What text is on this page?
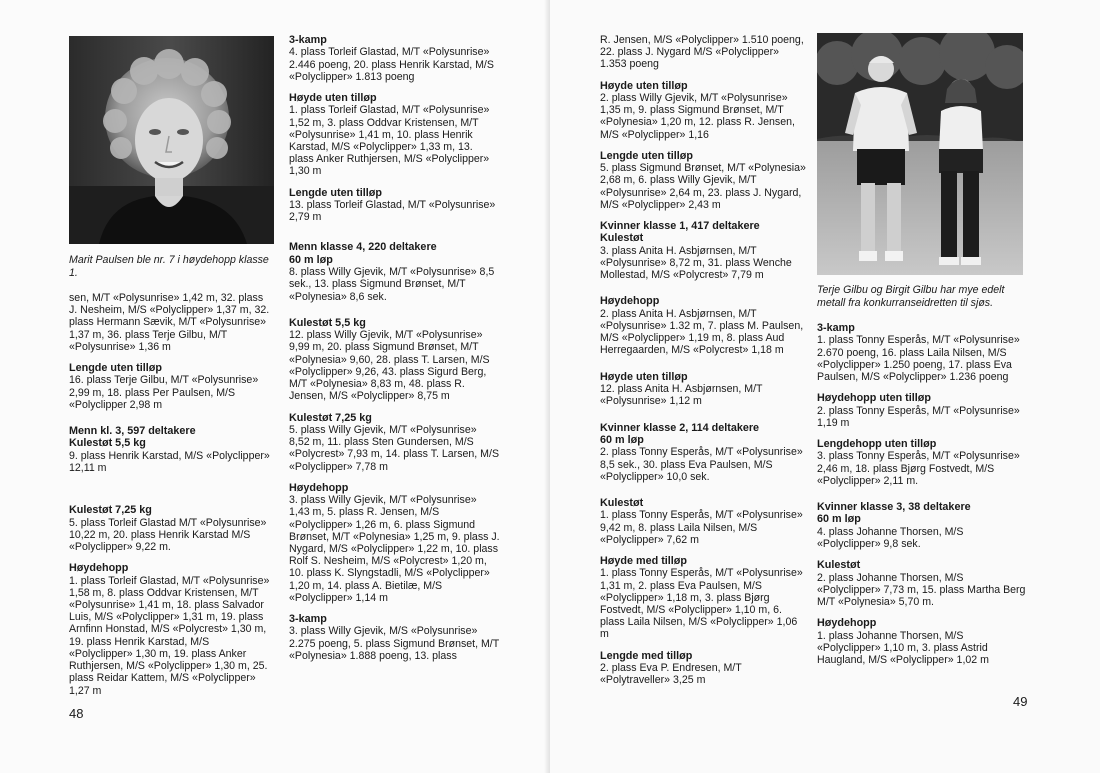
Marit Paulsen ble nr. 7 i høydehopp klasse 1.

sen, M/T «Polysunrise» 1,42 m, 32. plass J. Nesheim, M/S «Polyclipper» 1,37 m, 32. plass Hermann Sævik, M/T «Polysunrise» 1,37 m, 36. plass Terje Gilbu, M/T «Polysunrise» 1,36 m

Lengde uten tilløp

16. plass Terje Gilbu, M/T «Polysunrise» 2,99 m, 18. plass Per Paulsen, M/S «Polyclipper 2,98 m

Menn kl. 3, 597 deltakere
Kulestøt 5,5 kg

9. plass Henrik Karstad, M/S «Polyclipper» 12,11 m

Kulestøt 7,25 kg

5. plass Torleif Glastad M/T «Polysunrise» 10,22 m, 20. plass Henrik Karstad M/S «Polyclipper» 9,22 m.

Høydehopp

1. plass Torleif Glastad, M/T «Polysunrise» 1,58 m, 8. plass Oddvar Kristensen, M/T «Polysunrise» 1,41 m, 18. plass Salvador Luis, M/S «Polyclipper» 1,31 m, 19. plass Arnfinn Honstad, M/S «Polycrest» 1,30 m, 19. plass Henrik Karstad, M/S «Polyclipper» 1,30 m, 19. plass Anker Ruthjersen, M/S «Polyclipper» 1,30 m, 25. plass Reidar Kattem, M/S «Polyclipper» 1,27 m

3-kamp

4. plass Torleif Glastad, M/T «Polysunrise» 2.446 poeng, 20. plass Henrik Karstad, M/S «Polyclipper» 1.813 poeng

Høyde uten tilløp

1. plass Torleif Glastad, M/T «Polysunrise» 1,52 m, 3. plass Oddvar Kristensen, M/T «Polysunrise» 1,41 m, 10. plass Henrik Karstad, M/S «Polyclipper» 1,33 m, 13. plass Anker Ruthjersen, M/S «Polyclipper» 1,30 m

Lengde uten tilløp

13. plass Torleif Glastad, M/T «Polysunrise» 2,79 m

Menn klasse 4, 220 deltakere
60 m løp

8. plass Willy Gjevik, M/T «Polysunrise» 8,5 sek., 13. plass Sigmund Brønset, M/T «Polynesia» 8,6 sek.

Kulestøt 5,5 kg

12. plass Willy Gjevik, M/T «Polysunrise» 9,99 m, 20. plass Sigmund Brønset, M/T «Polynesia» 9,60, 28. plass T. Larsen, M/S «Polyclipper» 9,26, 43. plass Sigurd Berg, M/T «Polynesia» 8,83 m, 48. plass R. Jensen, M/S «Polyclipper» 8,75 m

Kulestøt 7,25 kg

5. plass Willy Gjevik, M/T «Polysunrise» 8,52 m, 11. plass Sten Gundersen, M/S «Polycrest» 7,93 m, 14. plass T. Larsen, M/S «Polyclipper» 7,78 m

Høydehopp

3. plass Willy Gjevik, M/T «Polysunrise» 1,43 m, 5. plass R. Jensen, M/S «Polyclipper» 1,26 m, 6. plass Sigmund Brønset, M/T «Polynesia» 1,25 m, 9. plass J. Nygard, M/S «Polyclipper» 1,22 m, 10. plass Rolf S. Nesheim, M/S «Polycrest» 1,20 m, 10. plass K. Slyngstadli, M/S «Polyclipper» 1,20 m, 14. plass A. Bietilæ, M/S «Polyclipper» 1,14 m

3-kamp

3. plass Willy Gjevik, M/S «Polysunrise» 2.275 poeng, 5. plass Sigmund Brønset, M/T «Polynesia» 1.888 poeng, 13. plass

48

R. Jensen, M/S «Polyclipper» 1.510 poeng, 22. plass J. Nygard M/S «Polyclipper» 1.353 poeng

Høyde uten tilløp

2. plass Willy Gjevik, M/T «Polysunrise» 1,35 m, 9. plass Sigmund Brønset, M/T «Polynesia» 1,20 m, 12. plass R. Jensen, M/S «Polyclipper» 1,16

Lengde uten tilløp

5. plass Sigmund Brønset, M/T «Polynesia» 2,68 m, 6. plass Willy Gjevik, M/T «Polysunrise» 2,64 m, 23. plass J. Nygard, M/S «Polyclipper» 2,43 m

Kvinner klasse 1, 417 deltakere
Kulestøt

3. plass Anita H. Asbjørnsen, M/T «Polysunrise» 8,72 m, 31. plass Wenche Mollestad, M/S «Polycrest» 7,79 m

Høydehopp

2. plass Anita H. Asbjørnsen, M/T «Polysunrise» 1.32 m, 7. plass M. Paulsen, M/S «Polyclipper» 1,19 m, 8. plass Aud Herregaarden, M/S «Polycrest» 1,18 m

Høyde uten tilløp

12. plass Anita H. Asbjørnsen, M/T «Polysunrise» 1,12 m

Kvinner klasse 2, 114 deltakere
60 m løp

2. plass Tonny Esperås, M/T «Polysunrise» 8,5 sek., 30. plass Eva Paulsen, M/S «Polyclipper» 10,0 sek.

Kulestøt

1. plass Tonny Esperås, M/T «Polysunrise» 9,42 m, 8. plass Laila Nilsen, M/S «Polyclipper» 7,62 m

Høyde med tilløp

1. plass Tonny Esperås, M/T «Polysunrise» 1,31 m, 2. plass Eva Paulsen, M/S «Polyclipper» 1,18 m, 3. plass Bjørg Fostvedt, M/S «Polyclipper» 1,10 m, 6. plass Laila Nilsen, M/S «Polyclipper» 1,06 m

Lengde med tilløp

2. plass Eva P. Endresen, M/T «Polytraveller» 3,25 m

Terje Gilbu og Birgit Gilbu har mye edelt metall fra konkurranseidretten til sjøs.

3-kamp

1. plass Tonny Esperås, M/T «Polysunrise» 2.670 poeng, 16. plass Laila Nilsen, M/S «Polyclipper» 1.250 poeng, 17. plass Eva Paulsen, M/S «Polyclipper» 1.236 poeng

Høydehopp uten tilløp

2. plass Tonny Esperås, M/T «Polysunrise» 1,19 m

Lengdehopp uten tilløp

3. plass Tonny Esperås, M/T «Polysunrise» 2,46 m, 18. plass Bjørg Fostvedt, M/S «Polyclipper» 2,11 m.

Kvinner klasse 3, 38 deltakere
60 m løp

4. plass Johanne Thorsen, M/S «Polyclipper» 9,8 sek.

Kulestøt

2. plass Johanne Thorsen, M/S «Polyclipper» 7,73 m, 15. plass Martha Berg M/T «Polynesia» 5,70 m.

Høydehopp

1. plass Johanne Thorsen, M/S «Polyclipper» 1,10 m, 3. plass Astrid Haugland, M/S «Polyclipper» 1,02 m

49
